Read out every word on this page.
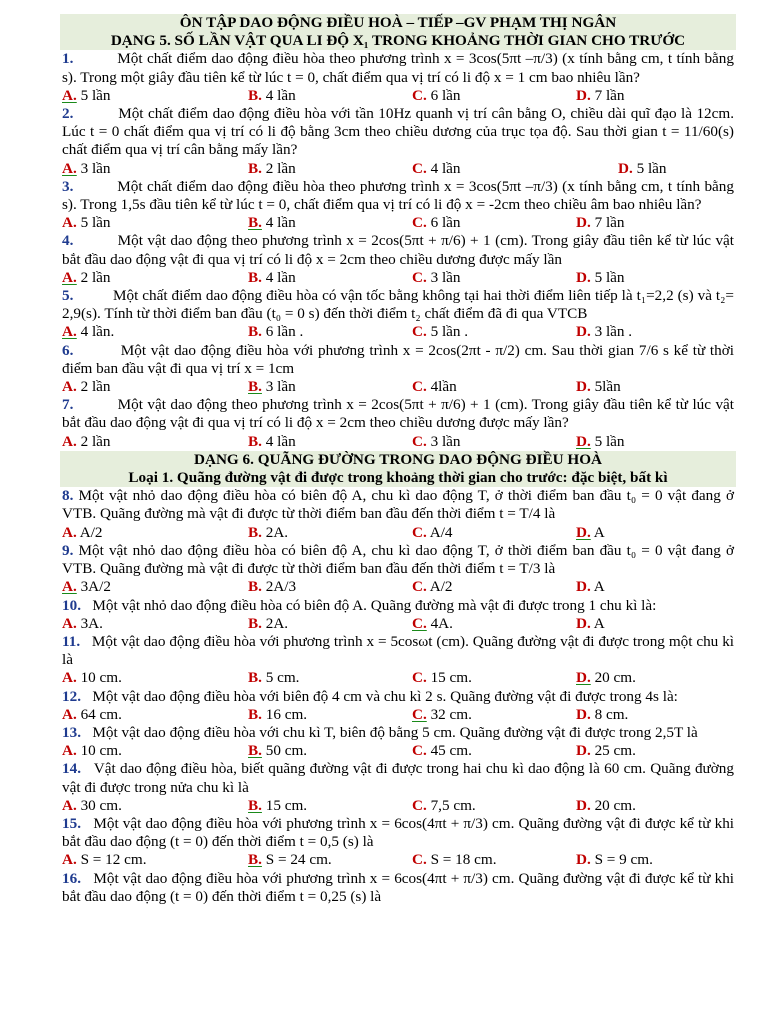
ÔN TẬP DAO ĐỘNG ĐIỀU HOÀ – TIẾP –GV PHẠM THỊ NGÂN
DẠNG 5. SỐ LẦN VẬT QUA LI ĐỘ X₁ TRONG KHOẢNG THỜI GIAN CHO TRƯỚC
1.	Một chất điểm dao động điều hòa theo phương trình x = 3cos(5πt –π/3) (x tính bằng cm, t tính bằng s). Trong một giây đầu tiên kể từ lúc t = 0, chất điểm qua vị trí có li độ x = 1 cm bao nhiêu lần?
A. 5 lần	B. 4 lần	C. 6 lần	D. 7 lần
2.	Một chất điểm dao động điều hòa với tần 10Hz quanh vị trí cân bằng O, chiều dài quĩ đạo là 12cm. Lúc t = 0 chất điểm qua vị trí có li độ bằng 3cm theo chiều dương của trục tọa độ. Sau thời gian t = 11/60(s) chất điểm qua vị trí cân bằng mấy lần?
A. 3 lần	B. 2 lần	C. 4 lần	D. 5 lần
3.	Một chất điểm dao động điều hòa theo phương trình x = 3cos(5πt –π/3) (x tính bằng cm, t tính bằng s). Trong 1,5s đầu tiên kể từ lúc t = 0, chất điểm qua vị trí có li độ x = -2cm theo chiều âm bao nhiêu lần?
A. 5 lần	B. 4 lần	C. 6 lần	D. 7 lần
4.	Một vật dao động theo phương trình x = 2cos(5πt + π/6) + 1 (cm). Trong giây đầu tiên kể từ lúc vật bắt đầu dao động vật đi qua vị trí có li độ x = 2cm theo chiều dương được mấy lần
A. 2 lần	B. 4 lần	C. 3 lần	D. 5 lần
5.	Một chất điểm dao động điều hòa có vận tốc bằng không tại hai thời điểm liên tiếp là t₁=2,2 (s) và t₂= 2,9(s). Tính từ thời điểm ban đầu (t₀ = 0 s) đến thời điểm t₂ chất điểm đã đi qua VTCB
A. 4 lần.	B. 6 lần .	C. 5 lần .	D. 3 lần .
6.	Một vật dao động điều hòa với phương trình x = 2cos(2πt - π/2) cm. Sau thời gian 7/6 s kể từ thời điểm ban đầu vật đi qua vị trí x = 1cm
A. 2 lần	B. 3 lần	C. 4lần	D. 5lần
7.	Một vật dao động theo phương trình x = 2cos(5πt + π/6) + 1 (cm). Trong giây đầu tiên kể từ lúc vật bắt đầu dao động vật đi qua vị trí có li độ x = 2cm theo chiều dương được mấy lần?
A. 2 lần	B. 4 lần	C. 3 lần	D. 5 lần
DẠNG 6. QUÃNG ĐƯỜNG TRONG DAO ĐỘNG ĐIỀU HOÀ
Loại 1. Quãng đường vật đi được trong khoảng thời gian cho trước: đặc biệt, bất kì
8. Một vật nhỏ dao động điều hòa có biên độ A, chu kì dao động T, ở thời điểm ban đầu t₀ = 0 vật đang ở VTB. Quãng đường mà vật đi được từ thời điểm ban đầu đến thời điểm t = T/4 là
A. A/2	B. 2A.	C. A/4	D. A
9. Một vật nhỏ dao động điều hòa có biên độ A, chu kì dao động T, ở thời điểm ban đầu t₀ = 0 vật đang ở VTB. Quãng đường mà vật đi được từ thời điểm ban đầu đến thời điểm t = T/3 là
A. 3A/2	B. 2A/3	C. A/2	D. A
10. Một vật nhỏ dao động điều hòa có biên độ A. Quãng đường mà vật đi được trong 1 chu kì là:
A. 3A.	B. 2A.	C. 4A.	D. A
11. Một vật dao động điều hòa với phương trình x = 5cosωt (cm). Quãng đường vật đi được trong một chu kì là
A. 10 cm.	B. 5 cm.	C. 15 cm.	D. 20 cm.
12. Một vật dao động điều hòa với biên độ 4 cm và chu kì 2 s. Quãng đường vật đi được trong 4s là:
A. 64 cm.	B. 16 cm.	C. 32 cm.	D. 8 cm.
13. Một vật dao động điều hòa với chu kì T, biên độ bằng 5 cm. Quãng đường vật đi được trong 2,5T là
A. 10 cm.	B. 50 cm.	C. 45 cm.	D. 25 cm.
14. Vật dao động điều hòa, biết quãng đường vật đi được trong hai chu kì dao động là 60 cm. Quãng đường vật đi được trong nửa chu kì là
A. 30 cm.	B. 15 cm.	C. 7,5 cm.	D. 20 cm.
15. Một vật dao động điều hòa với phương trình x = 6cos(4πt + π/3) cm. Quãng đường vật đi được kể từ khi bắt đầu dao động (t = 0) đến thời điểm t = 0,5 (s) là
A. S = 12 cm.	B. S = 24 cm.	C. S = 18 cm.	D. S = 9 cm.
16. Một vật dao động điều hòa với phương trình x = 6cos(4πt + π/3) cm. Quãng đường vật đi được kể từ khi bắt đầu dao động (t = 0) đến thời điểm t = 0,25 (s) là
